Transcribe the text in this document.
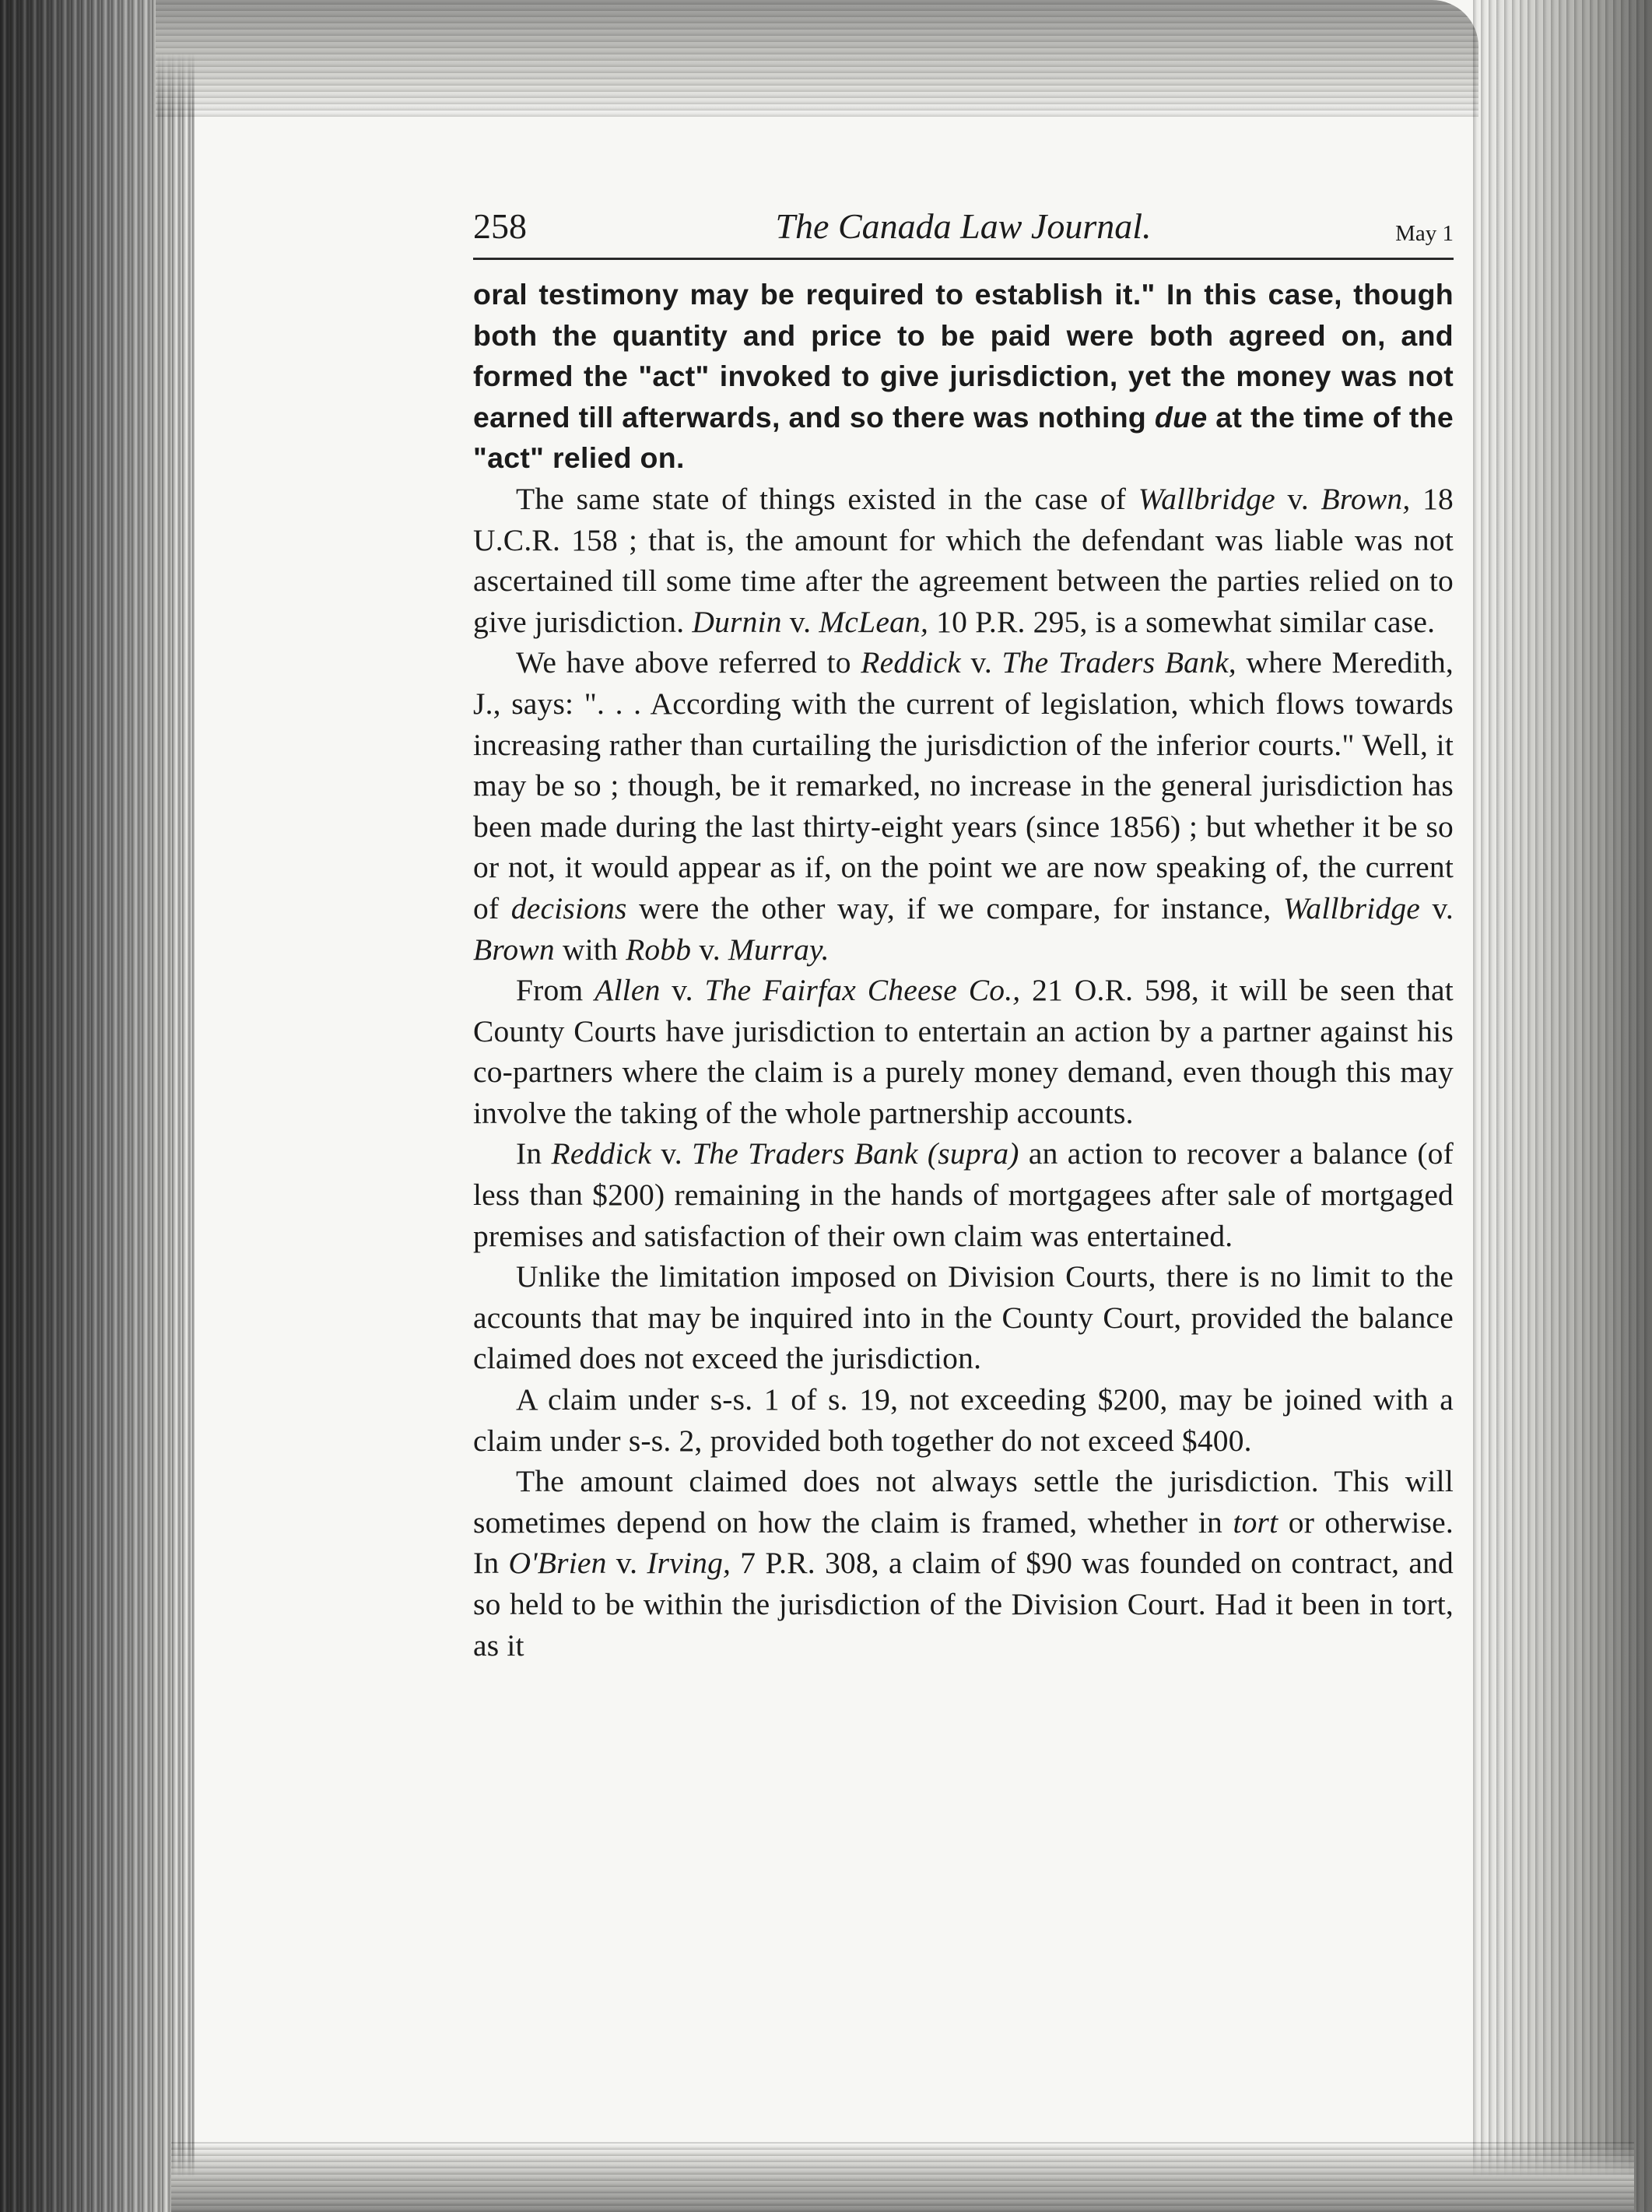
258	The Canada Law Journal.	May 1

oral testimony may be required to establish it." In this case, though both the quantity and price to be paid were both agreed on, and formed the "act" invoked to give jurisdiction, yet the money was not earned till afterwards, and so there was nothing due at the time of the "act" relied on.

The same state of things existed in the case of Wallbridge v. Brown, 18 U.C.R. 158 ; that is, the amount for which the defendant was liable was not ascertained till some time after the agreement between the parties relied on to give jurisdiction. Durnin v. McLean, 10 P.R. 295, is a somewhat similar case.

We have above referred to Reddick v. The Traders Bank, where Meredith, J., says: ". . . According with the current of legislation, which flows towards increasing rather than curtailing the jurisdiction of the inferior courts." Well, it may be so ; though, be it remarked, no increase in the general jurisdiction has been made during the last thirty-eight years (since 1856) ; but whether it be so or not, it would appear as if, on the point we are now speaking of, the current of decisions were the other way, if we compare, for instance, Wallbridge v. Brown with Robb v. Murray.

From Allen v. The Fairfax Cheese Co., 21 O.R. 598, it will be seen that County Courts have jurisdiction to entertain an action by a partner against his co-partners where the claim is a purely money demand, even though this may involve the taking of the whole partnership accounts.

In Reddick v. The Traders Bank (supra) an action to recover a balance (of less than $200) remaining in the hands of mortgagees after sale of mortgaged premises and satisfaction of their own claim was entertained.

Unlike the limitation imposed on Division Courts, there is no limit to the accounts that may be inquired into in the County Court, provided the balance claimed does not exceed the jurisdiction.

A claim under s-s. 1 of s. 19, not exceeding $200, may be joined with a claim under s-s. 2, provided both together do not exceed $400.

The amount claimed does not always settle the jurisdiction. This will sometimes depend on how the claim is framed, whether in tort or otherwise. In O'Brien v. Irving, 7 P.R. 308, a claim of $90 was founded on contract, and so held to be within the jurisdiction of the Division Court. Had it been in tort, as it
